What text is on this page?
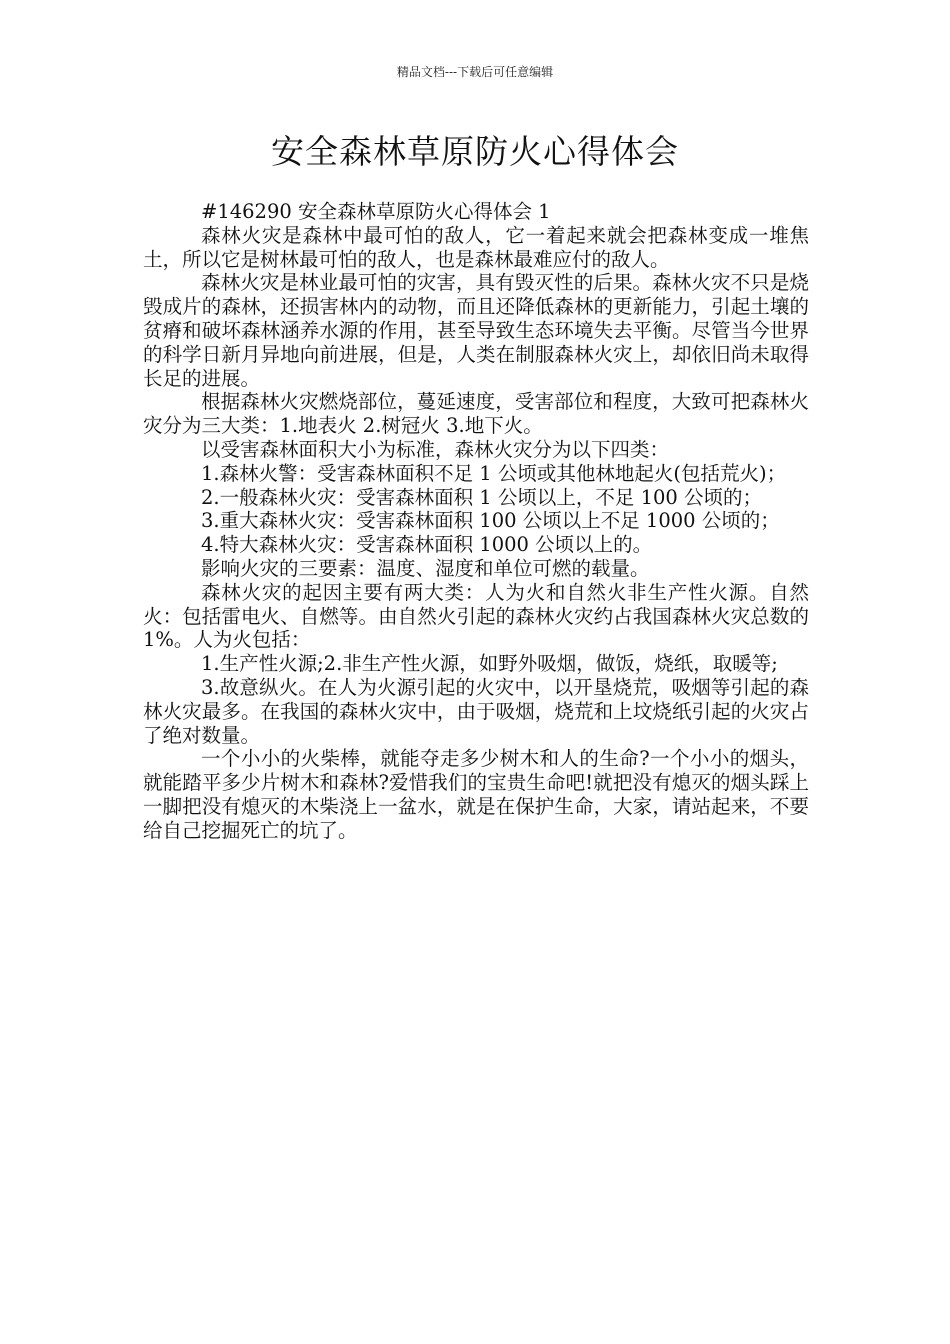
精品文档---下载后可任意编辑
安全森林草原防火心得体会

#146290 安全森林草原防火心得体会 1

森林火灾是森林中最可怕的敌人，它一着起来就会把森林变成一堆焦土，所以它是树林最可怕的敌人，也是森林最难应付的敌人。

森林火灾是林业最可怕的灾害，具有毁灭性的后果。森林火灾不只是烧毁成片的森林，还损害林内的动物，而且还降低森林的更新能力，引起土壤的贫瘠和破坏森林涵养水源的作用，甚至导致生态环境失去平衡。尽管当今世界的科学日新月异地向前进展，但是，人类在制服森林火灾上，却依旧尚未取得长足的进展。

根据森林火灾燃烧部位，蔓延速度，受害部位和程度，大致可把森林火灾分为三大类：1.地表火 2.树冠火 3.地下火。

以受害森林面积大小为标准，森林火灾分为以下四类：

1.森林火警：受害森林面积不足 1 公顷或其他林地起火(包括荒火)；

2.一般森林火灾：受害森林面积 1 公顷以上，不足 100 公顷的；

3.重大森林火灾：受害森林面积 100 公顷以上不足 1000 公顷的；

4.特大森林火灾：受害森林面积 1000 公顷以上的。

影响火灾的三要素：温度、湿度和单位可燃的载量。

森林火灾的起因主要有两大类：人为火和自然火非生产性火源。自然火：包括雷电火、自燃等。由自然火引起的森林火灾约占我国森林火灾总数的 1%。人为火包括：

1.生产性火源;2.非生产性火源，如野外吸烟，做饭，烧纸，取暖等;

3.故意纵火。在人为火源引起的火灾中，以开垦烧荒，吸烟等引起的森林火灾最多。在我国的森林火灾中，由于吸烟，烧荒和上坟烧纸引起的火灾占了绝对数量。

一个小小的火柴棒，就能夺走多少树木和人的生命?一个小小的烟头，就能踏平多少片树木和森林?爱惜我们的宝贵生命吧!就把没有熄灭的烟头踩上一脚把没有熄灭的木柴浇上一盆水，就是在保护生命，大家，请站起来，不要给自己挖掘死亡的坑了。
